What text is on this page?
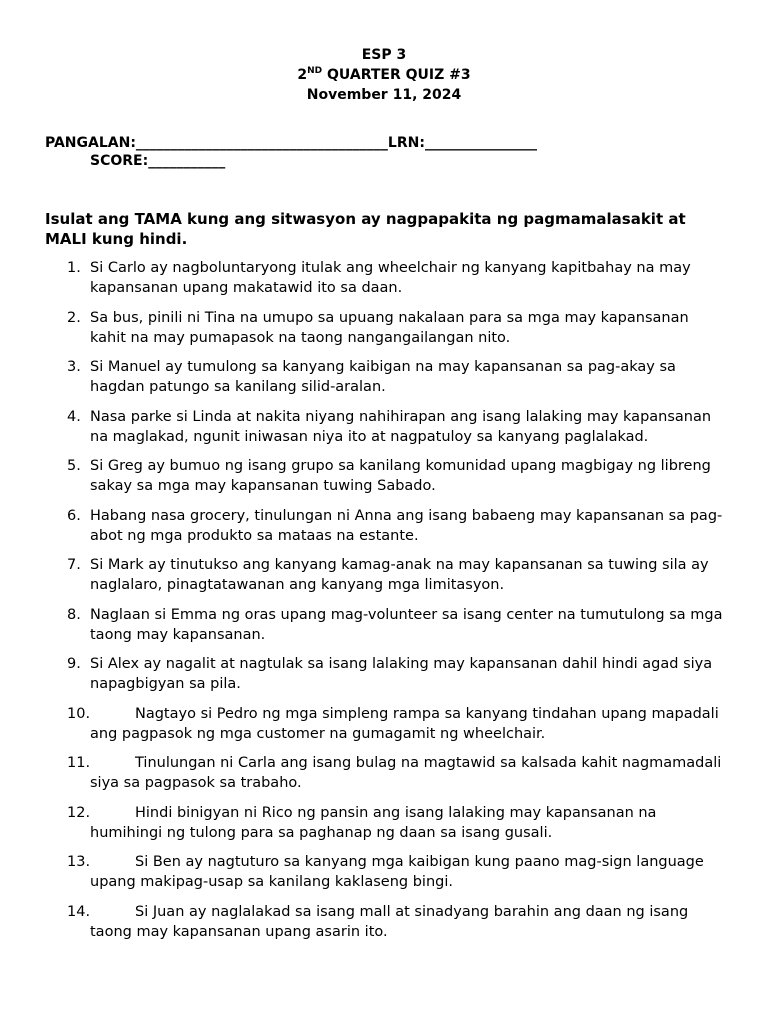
ESP 3
2ND QUARTER QUIZ #3
November 11, 2024
PANGALAN:____________________________________LRN:________________
SCORE:___________
Isulat ang TAMA kung ang sitwasyon ay nagpapakita ng pagmamalasakit at MALI kung hindi.
1. Si Carlo ay nagboluntaryong itulak ang wheelchair ng kanyang kapitbahay na may kapansanan upang makatawid ito sa daan.
2. Sa bus, pinili ni Tina na umupo sa upuang nakalaan para sa mga may kapansanan kahit na may pumapasok na taong nangangailangan nito.
3. Si Manuel ay tumulong sa kanyang kaibigan na may kapansanan sa pag-akay sa hagdan patungo sa kanilang silid-aralan.
4. Nasa parke si Linda at nakita niyang nahihirapan ang isang lalaking may kapansanan na maglakad, ngunit iniwasan niya ito at nagpatuloy sa kanyang paglalakad.
5. Si Greg ay bumuo ng isang grupo sa kanilang komunidad upang magbigay ng libreng sakay sa mga may kapansanan tuwing Sabado.
6. Habang nasa grocery, tinulungan ni Anna ang isang babaeng may kapansanan sa pag-abot ng mga produkto sa mataas na estante.
7. Si Mark ay tinutukso ang kanyang kamag-anak na may kapansanan sa tuwing sila ay naglalaro, pinagtatawanan ang kanyang mga limitasyon.
8. Naglaan si Emma ng oras upang mag-volunteer sa isang center na tumutulong sa mga taong may kapansanan.
9. Si Alex ay nagalit at nagtulak sa isang lalaking may kapansanan dahil hindi agad siya napagbigyan sa pila.
10.	Nagtayo si Pedro ng mga simpleng rampa sa kanyang tindahan upang mapadali ang pagpasok ng mga customer na gumagamit ng wheelchair.
11.	Tinulungan ni Carla ang isang bulag na magtawid sa kalsada kahit nagmamadali siya sa pagpasok sa trabaho.
12.	Hindi binigyan ni Rico ng pansin ang isang lalaking may kapansanan na humihingi ng tulong para sa paghanap ng daan sa isang gusali.
13.	Si Ben ay nagtuturo sa kanyang mga kaibigan kung paano mag-sign language upang makipag-usap sa kanilang kaklaseng bingi.
14.	Si Juan ay naglalakad sa isang mall at sinadyang barahin ang daan ng isang taong may kapansanan upang asarin ito.
